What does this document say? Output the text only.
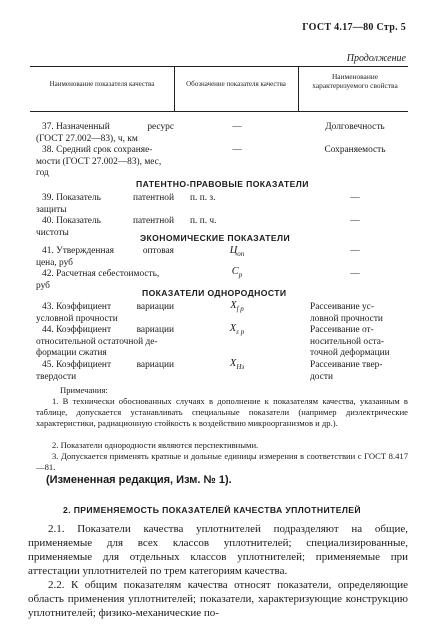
ГОСТ 4.17—80 Стр. 5
Продолжение
Наименование показателя качества	Обозначение показателя качества
Наименование характеризуемого свойства
37. Назначенный	ресурс
(ГОСТ 27.002—83), ч, км
—	Долговечность
38. Средний срок сохраняе-
мости (ГОСТ 27.002—83), мес,
год
—	Сохраняемость
ПАТЕНТНО-ПРАВОВЫЕ ПОКАЗАТЕЛИ
39. Показатель	патентной
защиты
п. п. з.	—
40. Показатель	патентной
чистоты
п. п. ч.	—
ЭКОНОМИЧЕСКИЕ ПОКАЗАТЕЛИ
41. Утвержденная	оптовая
цена, руб
$Ц_{оп}$	—
42. Расчетная себестоимость,
руб
$С_р$	—
ПОКАЗАТЕЛИ ОДНОРОДНОСТИ
43. Коэффициент	вариации
условной прочности
$X_{f р}$	Рассеивание ус-
ловной прочности
44. Коэффициент	вариации
относительной остаточной де-
формации сжатия
$X_{\varepsilon р}$	Рассеивание от-
носительной оста-
точной деформации
45. Коэффициент	вариации
твердости
$X_{Нз}$	Рассеивание твер-
дости
Примечания:
1. В технически обоснованных случаях в дополнение к показателям качества, указанным в таблице, допускается устанавливать специальные показатели (например диэлектрические характеристики, радиационную стойкость к воздействию микроорганизмов и др.).
2. Показатели однородности являются перспективными.
3. Допускается применять кратные и дольные единицы измерения в соответствии с ГОСТ 8.417—81.
(Измененная редакция, Изм. № 1).
2. ПРИМЕНЯЕМОСТЬ ПОКАЗАТЕЛЕЙ КАЧЕСТВА УПЛОТНИТЕЛЕЙ
2.1. Показатели качества уплотнителей подразделяют на общие, применяемые для всех классов уплотнителей; специализированные, применяемые для отдельных классов уплотнителей; применяемые при аттестации уплотнителей по трем категориям качества.
2.2. К общим показателям качества относят показатели, определяющие область применения уплотнителей; показатели, характеризующие конструкцию уплотнителей; физико-механические по-
